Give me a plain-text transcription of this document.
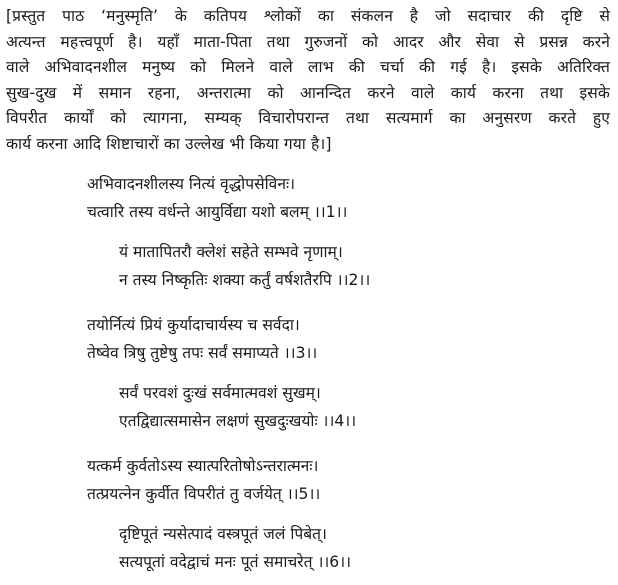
[प्रस्तुत पाठ ‘मनुस्मृति’ के कतिपय श्लोकों का संकलन है जो सदाचार की दृष्टि से
अत्यन्त महत्त्वपूर्ण है। यहाँ माता-पिता तथा गुरुजनों को आदर और सेवा से प्रसन्न करने
वाले अभिवादनशील मनुष्य को मिलने वाले लाभ की चर्चा की गई है। इसके अतिरिक्त
सुख-दुख में समान रहना, अन्तरात्मा को आनन्दित करने वाले कार्य करना तथा इसके
विपरीत कार्यों को त्यागना, सम्यक् विचारोपरान्त तथा सत्यमार्ग का अनुसरण करते हुए
कार्य करना आदि शिष्टाचारों का उल्लेख भी किया गया है।]

अभिवादनशीलस्य नित्यं वृद्धोपसेविनः।
चत्वारि तस्य वर्धन्ते आयुर्विद्या यशो बलम् ।।1।।
यं मातापितरौ क्लेशं सहेते सम्भवे नृणाम्।
न तस्य निष्कृतिः शक्या कर्तुं वर्षशतैरपि ।।2।।
तयोर्नित्यं प्रियं कुर्यादाचार्यस्य च सर्वदा।
तेष्वेव त्रिषु तुष्टेषु तपः सर्वं समाप्यते ।।3।।
सर्वं परवशं दुःखं सर्वमात्मवशं सुखम्।
एतद्विद्यात्समासेन लक्षणं सुखदुःखयोः ।।4।।
यत्कर्म कुर्वतोऽस्य स्यात्परितोषोऽन्तरात्मनः।
तत्प्रयत्नेन कुर्वीत विपरीतं तु वर्जयेत् ।।5।।
दृष्टिपूतं न्यसेत्पादं वस्त्रपूतं जलं पिबेत्।
सत्यपूतां वदेद्वाचं मनः पूतं समाचरेत् ।।6।।
